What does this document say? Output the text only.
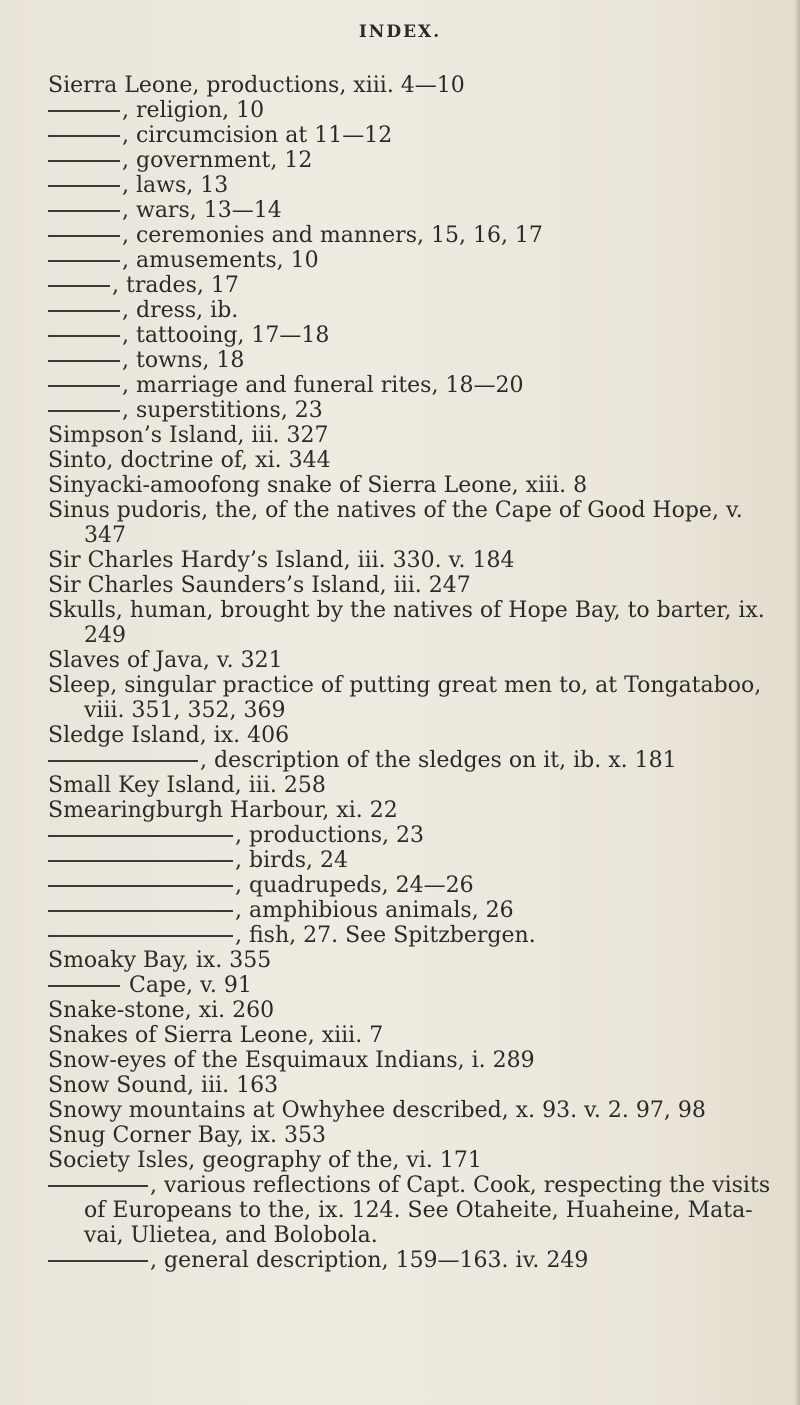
INDEX.
Sierra Leone, productions, xiii. 4—10
, religion, 10
, circumcision at 11—12
, government, 12
, laws, 13
, wars, 13—14
, ceremonies and manners, 15, 16, 17
, amusements, 10
, trades, 17
, dress, ib.
, tattooing, 17—18
, towns, 18
, marriage and funeral rites, 18—20
, superstitions, 23
Simpson’s Island, iii. 327
Sinto, doctrine of, xi. 344
Sinyacki-amoofong snake of Sierra Leone, xiii. 8
Sinus pudoris, the, of the natives of the Cape of Good Hope, v.
347
Sir Charles Hardy’s Island, iii. 330. v. 184
Sir Charles Saunders’s Island, iii. 247
Skulls, human, brought by the natives of Hope Bay, to barter, ix.
249
Slaves of Java, v. 321
Sleep, singular practice of putting great men to, at Tongataboo,
viii. 351, 352, 369
Sledge Island, ix. 406
, description of the sledges on it, ib. x. 181
Small Key Island, iii. 258
Smearingburgh Harbour, xi. 22
, productions, 23
, birds, 24
, quadrupeds, 24—26
, amphibious animals, 26
, fish, 27. See Spitzbergen.
Smoaky Bay, ix. 355
Cape, v. 91
Snake-stone, xi. 260
Snakes of Sierra Leone, xiii. 7
Snow-eyes of the Esquimaux Indians, i. 289
Snow Sound, iii. 163
Snowy mountains at Owhyhee described, x. 93. v. 2. 97, 98
Snug Corner Bay, ix. 353
Society Isles, geography of the, vi. 171
, various reflections of Capt. Cook, respecting the visits
of Europeans to the, ix. 124. See Otaheite, Huaheine, Mata-
vai, Ulietea, and Bolobola.
, general description, 159—163. iv. 249
